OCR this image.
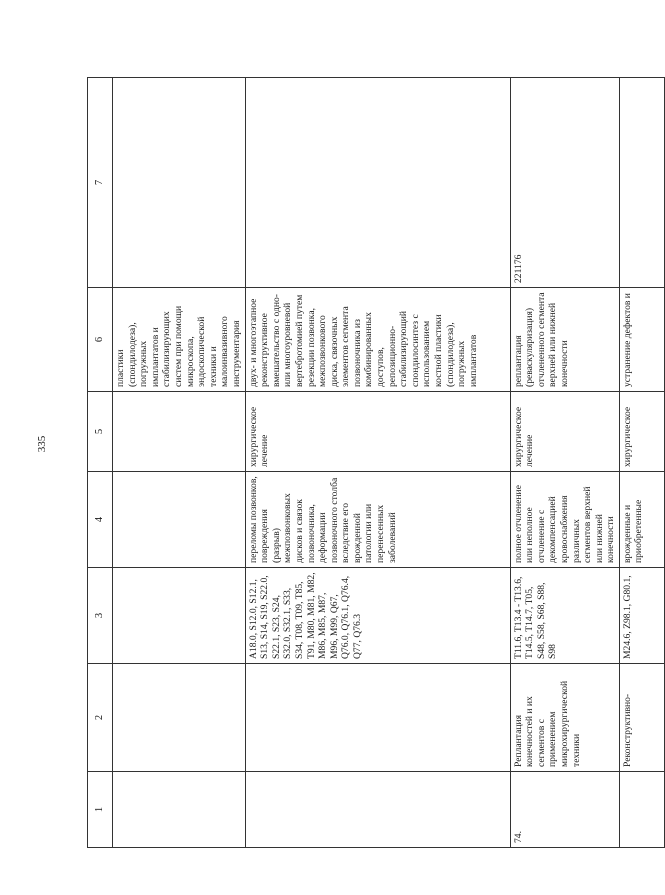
335
1	2	3	4	5	6	7
					пластики (спондилодеза), погружных имплантатов и стабилизирующих систем при помощи микроскопа, эндоскопической техники и малоинвазивного инструментария	
		A18.0, S12.0, S12.1, S13, S14, S19, S22.0, S22.1, S23, S24, S32.0, S32.1, S33, S34, T08, T09, T85, T91, M80, M81, M82, M86, M85, M87, M96, M99, Q67, Q76.0, Q76.1, Q76.4, Q77, Q76.3	переломы позвонков, повреждения (разрыв) межпозвонковых дисков и связок позвоночника, деформации позвоночного столба вследствие его врожденной патологии или перенесенных заболеваний	хирургическое лечение	двух- и многоэтапное реконструктивное вмешательство с одно- или многоуровневой вертебротомией путем резекции позвонка, межпозвонкового диска, связочных элементов сегмента позвоночника из комбинированных доступов, репозиционно-стабилизирующий спондилосинтез с использованием костной пластики (спондилодеза), погружных имплантатов	
74.	Реплантация конечностей и их сегментов с применением микрохирургической техники	T11.6, T13.4 - T13.6, T14.5, T14.7, T05, S48, S58, S68, S88, S98	полное отчленение или неполное отчленение с декомпенсацией кровоснабжения различных сегментов верхней или нижней конечности	хирургическое лечение	реплантация (реваскуляризация) отчлененного сегмента верхней или нижней конечности	221176
	Реконструктивно-	M24.6, Z98.1, G80.1,	врожденные и приобретенные	хирургическое	устранение дефектов и	
